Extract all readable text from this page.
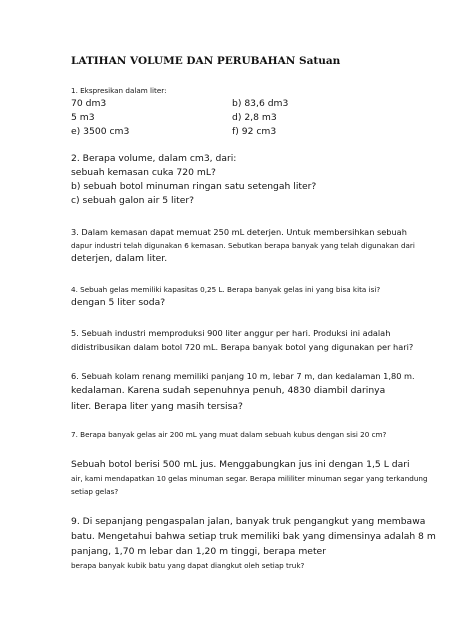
LATIHAN VOLUME DAN PERUBAHAN Satuan
1. Ekspresikan dalam liter:
70 dm3	b) 83,6 dm3
5 m3	d) 2,8 m3
e) 3500 cm3	f) 92 cm3
2. Berapa volume, dalam cm3, dari:
sebuah kemasan cuka 720 mL?
b) sebuah botol minuman ringan satu setengah liter?
c) sebuah galon air 5 liter?
3. Dalam kemasan dapat memuat 250 mL deterjen. Untuk membersihkan sebuah
dapur industri telah digunakan 6 kemasan. Sebutkan berapa banyak yang telah digunakan dari
deterjen, dalam liter.
4. Sebuah gelas memiliki kapasitas 0,25 L. Berapa banyak gelas ini yang bisa kita isi?
dengan 5 liter soda?
5. Sebuah industri memproduksi 900 liter anggur per hari. Produksi ini adalah
didistribusikan dalam botol 720 mL. Berapa banyak botol yang digunakan per hari?
6. Sebuah kolam renang memiliki panjang 10 m, lebar 7 m, dan kedalaman 1,80 m.
kedalaman. Karena sudah sepenuhnya penuh, 4830 diambil darinya
liter. Berapa liter yang masih tersisa?
7. Berapa banyak gelas air 200 mL yang muat dalam sebuah kubus dengan sisi 20 cm?
Sebuah botol berisi 500 mL jus. Menggabungkan jus ini dengan 1,5 L dari
air, kami mendapatkan 10 gelas minuman segar. Berapa mililiter minuman segar yang terkandung
setiap gelas?
9. Di sepanjang pengaspalan jalan, banyak truk pengangkut yang membawa
batu. Mengetahui bahwa setiap truk memiliki bak yang dimensinya adalah 8 m
panjang, 1,70 m lebar dan 1,20 m tinggi, berapa meter
berapa banyak kubik batu yang dapat diangkut oleh setiap truk?
